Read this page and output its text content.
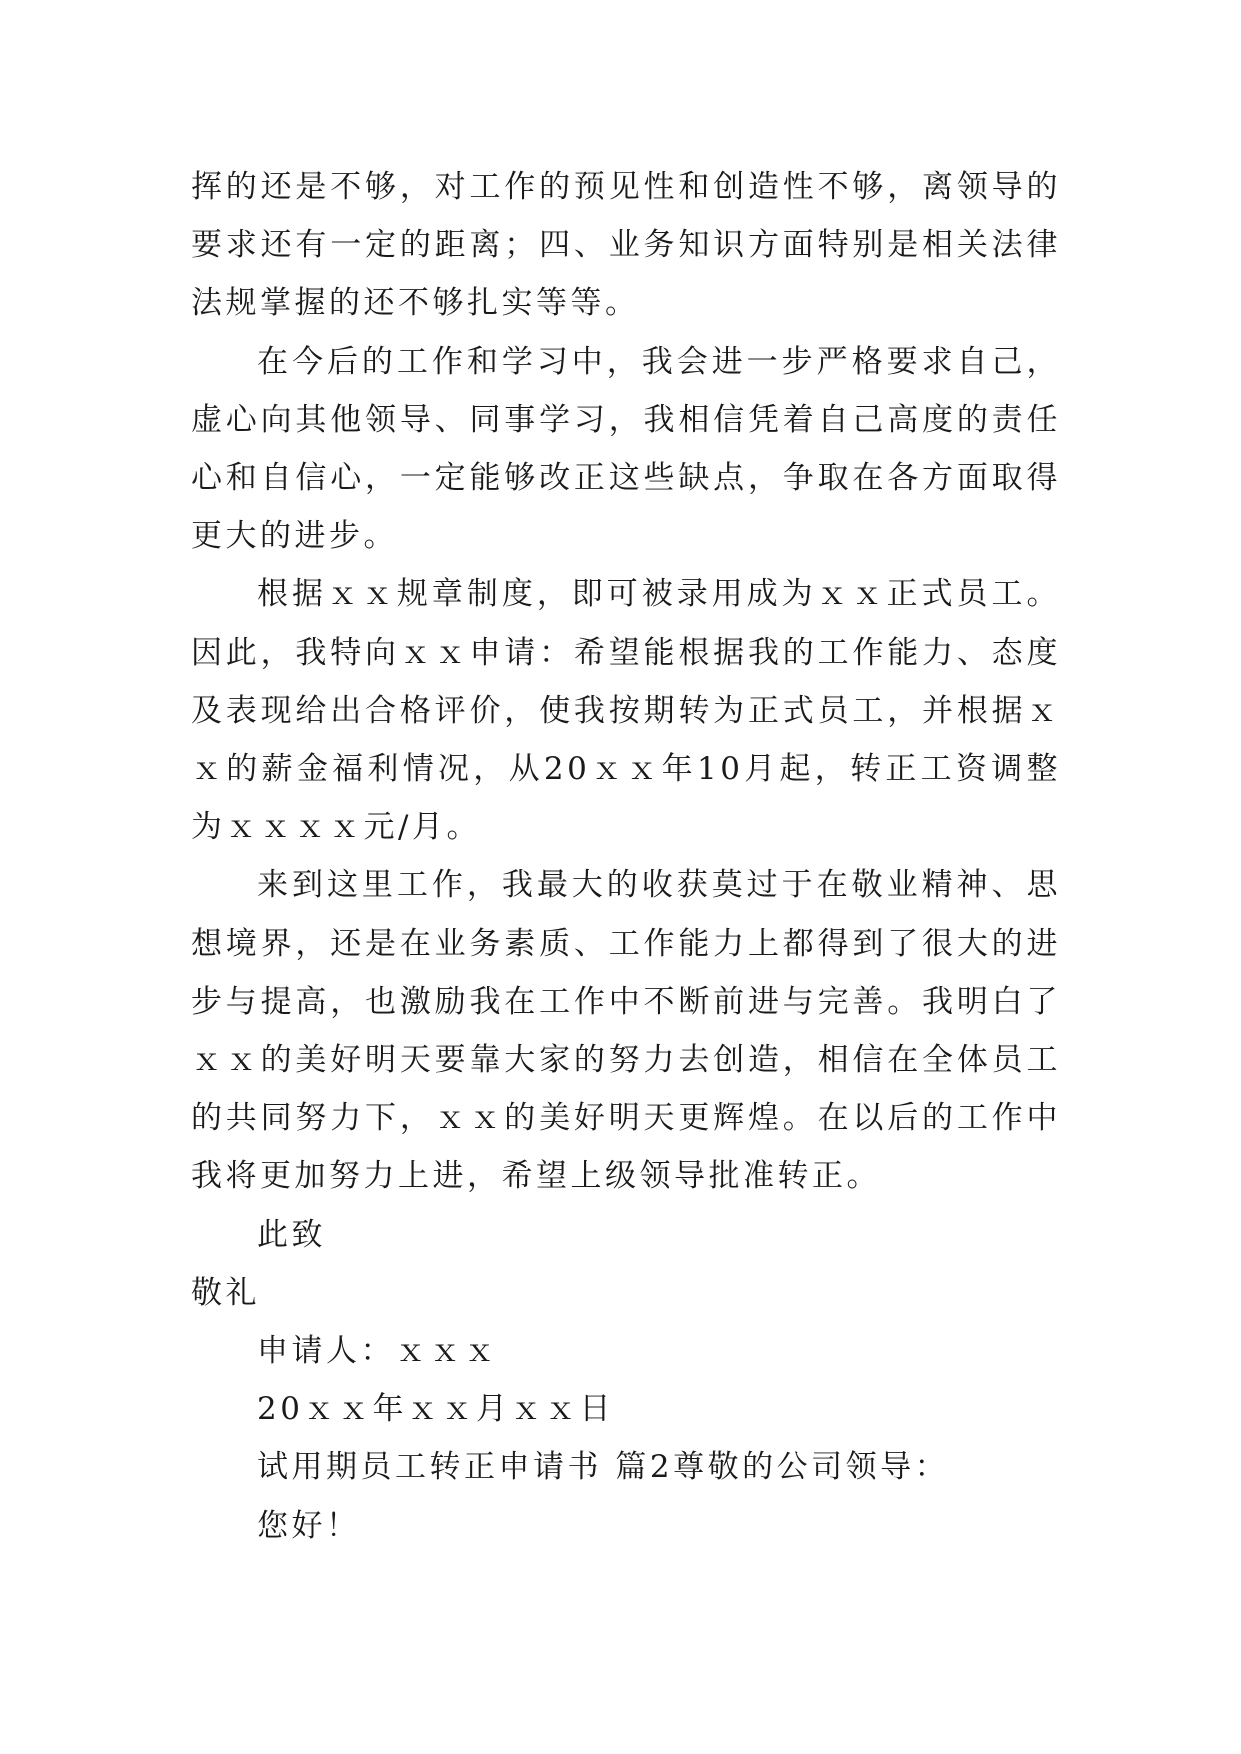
挥的还是不够，对工作的预见性和创造性不够，离领导的要求还有一定的距离；四、业务知识方面特别是相关法律法规掌握的还不够扎实等等。

在今后的工作和学习中，我会进一步严格要求自己，虚心向其他领导、同事学习，我相信凭着自己高度的责任心和自信心，一定能够改正这些缺点，争取在各方面取得更大的进步。

根据ｘｘ规章制度，即可被录用成为ｘｘ正式员工。因此，我特向ｘｘ申请：希望能根据我的工作能力、态度及表现给出合格评价，使我按期转为正式员工，并根据ｘｘ的薪金福利情况，从20ｘｘ年10月起，转正工资调整为ｘｘｘｘ元/月。

来到这里工作，我最大的收获莫过于在敬业精神、思想境界，还是在业务素质、工作能力上都得到了很大的进步与提高，也激励我在工作中不断前进与完善。我明白了ｘｘ的美好明天要靠大家的努力去创造，相信在全体员工的共同努力下，ｘｘ的美好明天更辉煌。在以后的工作中我将更加努力上进，希望上级领导批准转正。

此致

敬礼

申请人：ｘｘｘ

20ｘｘ年ｘｘ月ｘｘ日

试用期员工转正申请书 篇2尊敬的公司领导：

您好！
